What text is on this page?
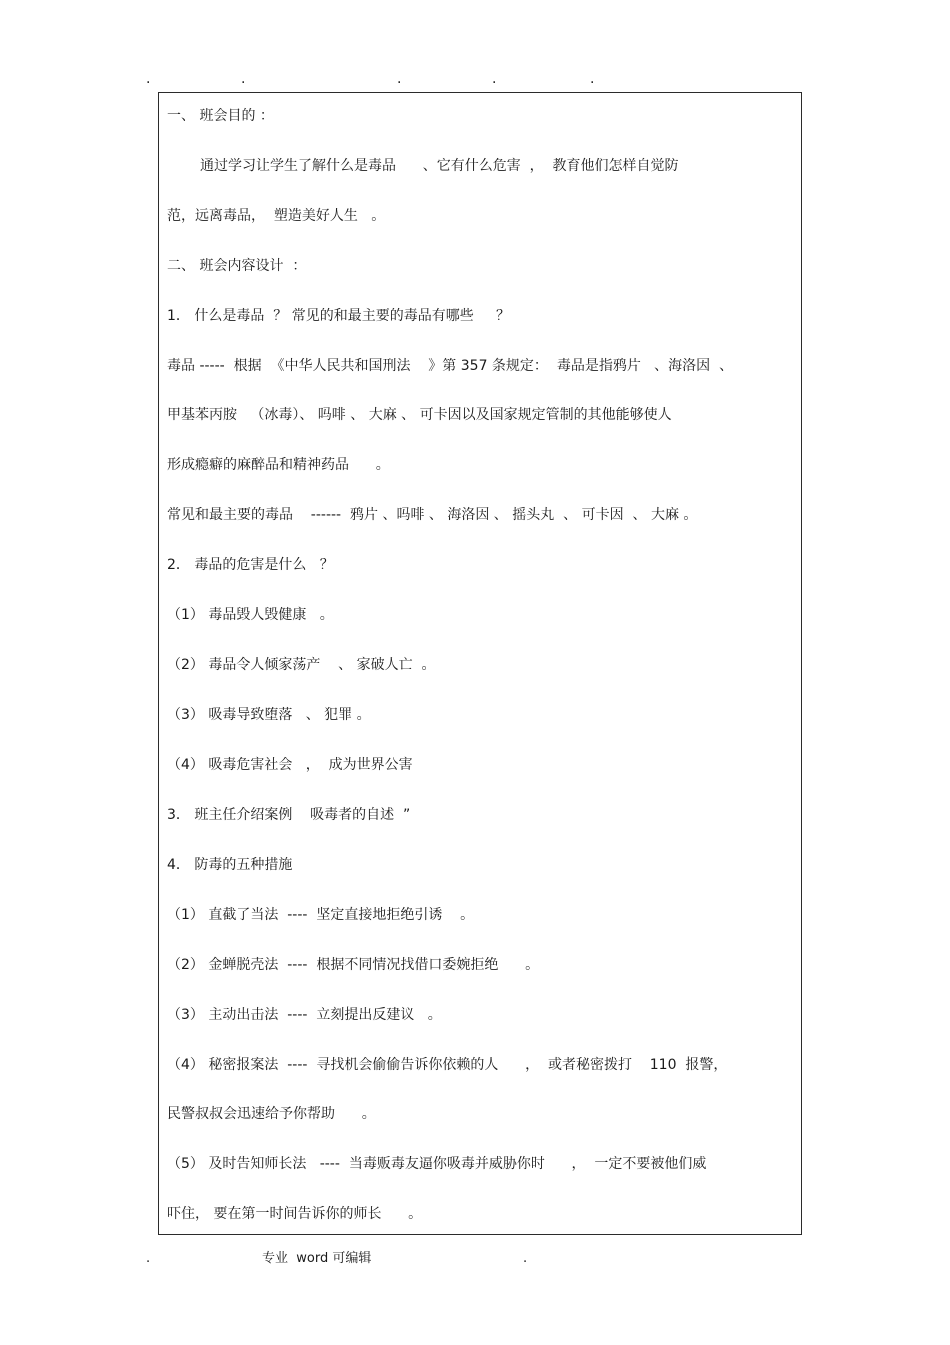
.	.	.	.	.
一、 班会目的 ：
通过学习让学生了解什么是毒品      、它有什么危害  ，  教育他们怎样自觉防
范，远离毒品，  塑造美好人生   。
二、 班会内容设计  ：
1． 什么是毒品  ？ 常见的和最主要的毒品有哪些     ？
毒品 -----  根据  《中华人民共和国刑法    》第 357 条规定：  毒品是指鸦片   、海洛因  、
甲基苯丙胺   （冰毒）、 吗啡 、 大麻 、 可卡因以及国家规定管制的其他能够使人
形成瘾癖的麻醉品和精神药品      。
常见和最主要的毒品    ------  鸦片 、吗啡 、 海洛因 、 摇头丸  、 可卡因  、 大麻 。
2． 毒品的危害是什么   ？
（1） 毒品毁人毁健康   。
（2） 毒品令人倾家荡产    、 家破人亡  。
（3） 吸毒导致堕落   、 犯罪 。
（4） 吸毒危害社会   ，  成为世界公害
3． 班主任介绍案例    吸毒者的自述  ”
4． 防毒的五种措施
（1） 直截了当法  ----  坚定直接地拒绝引诱    。
（2） 金蝉脱壳法  ----  根据不同情况找借口委婉拒绝      。
（3） 主动出击法  ----  立刻提出反建议   。
（4） 秘密报案法  ----  寻找机会偷偷告诉你依赖的人      ，  或者秘密拨打    110  报警，
民警叔叔会迅速给予你帮助      。
（5） 及时告知师长法   ----  当毒贩毒友逼你吸毒并威胁你时      ，  一定不要被他们威
吓住， 要在第一时间告诉你的师长      。
.	专业  word 可编辑	.
